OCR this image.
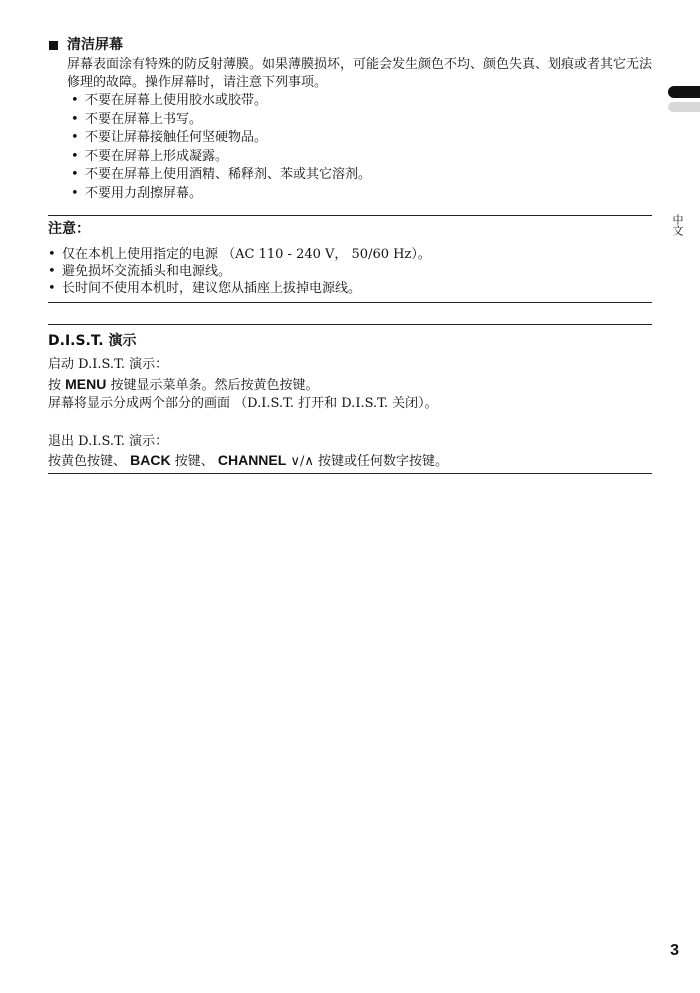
清洁屏幕
屏幕表面涂有特殊的防反射薄膜。如果薄膜损坏，可能会发生颜色不均、颜色失真、划痕或者其它无法修理的故障。操作屏幕时，请注意下列事项。
• 不要在屏幕上使用胶水或胶带。
• 不要在屏幕上书写。
• 不要让屏幕接触任何坚硬物品。
• 不要在屏幕上形成凝露。
• 不要在屏幕上使用酒精、稀释剂、苯或其它溶剂。
• 不要用力刮擦屏幕。
注意：
• 仅在本机上使用指定的电源 （AC 110 - 240 V， 50/60 Hz）。
• 避免损坏交流插头和电源线。
• 长时间不使用本机时，建议您从插座上拔掉电源线。
D.I.S.T. 演示
启动 D.I.S.T. 演示：
按 MENU 按键显示菜单条。然后按黄色按键。
屏幕将显示分成两个部分的画面 （D.I.S.T. 打开和 D.I.S.T. 关闭）。
退出 D.I.S.T. 演示：
按黄色按键、 BACK 按键、 CHANNEL ∨/∧ 按键或任何数字按键。
中文
3
